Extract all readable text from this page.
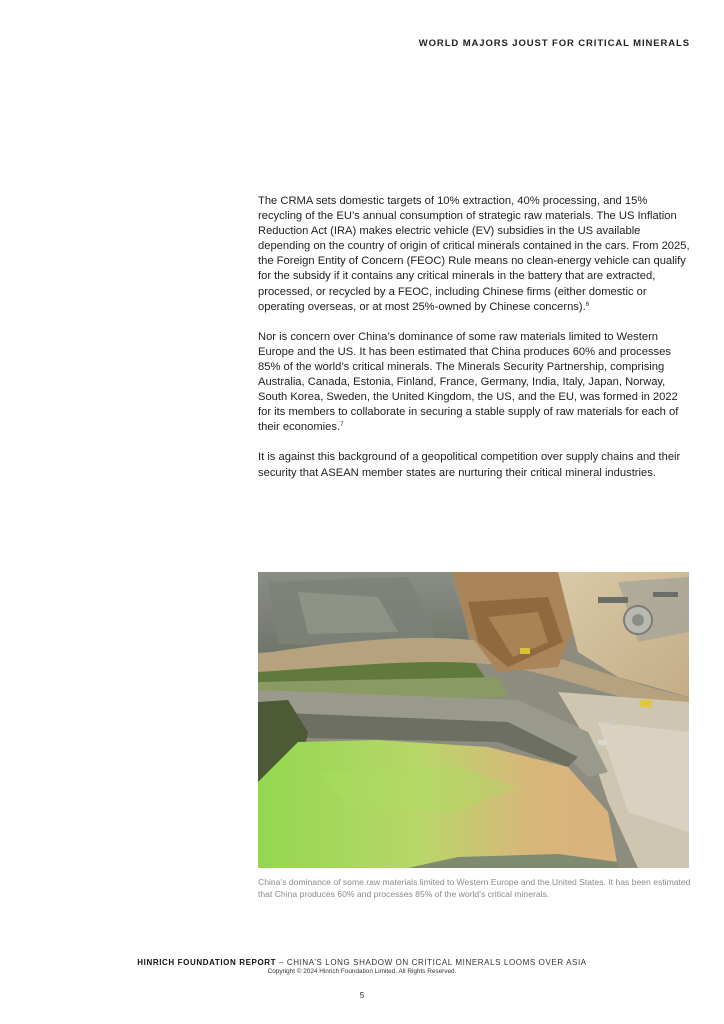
WORLD MAJORS JOUST FOR CRITICAL MINERALS

The CRMA sets domestic targets of 10% extraction, 40% processing, and 15% recycling of the EU’s annual consumption of strategic raw materials. The US Inflation Reduction Act (IRA) makes electric vehicle (EV) subsidies in the US available depending on the country of origin of critical minerals contained in the cars. From 2025, the Foreign Entity of Concern (FEOC) Rule means no clean-energy vehicle can qualify for the subsidy if it contains any critical minerals in the battery that are extracted, processed, or recycled by a FEOC, including Chinese firms (either domestic or operating overseas, or at most 25%-owned by Chinese concerns).$^6$

Nor is concern over China’s dominance of some raw materials limited to Western Europe and the US. It has been estimated that China produces 60% and processes 85% of the world’s critical minerals. The Minerals Security Partnership, comprising Australia, Canada, Estonia, Finland, France, Germany, India, Italy, Japan, Norway, South Korea, Sweden, the United Kingdom, the US, and the EU, was formed in 2022 for its members to collaborate in securing a stable supply of raw materials for each of their economies.$^7$

It is against this background of a geopolitical competition over supply chains and their security that ASEAN member states are nurturing their critical mineral industries.

China’s dominance of some raw materials limited to Western Europe and the United States. It has been estimated that China produces 60% and processes 85% of the world’s critical minerals.
HINRICH FOUNDATION REPORT – CHINA’S LONG SHADOW ON CRITICAL MINERALS LOOMS OVER ASIA
Copyright © 2024 Hinrich Foundation Limited. All Rights Reserved.
5
